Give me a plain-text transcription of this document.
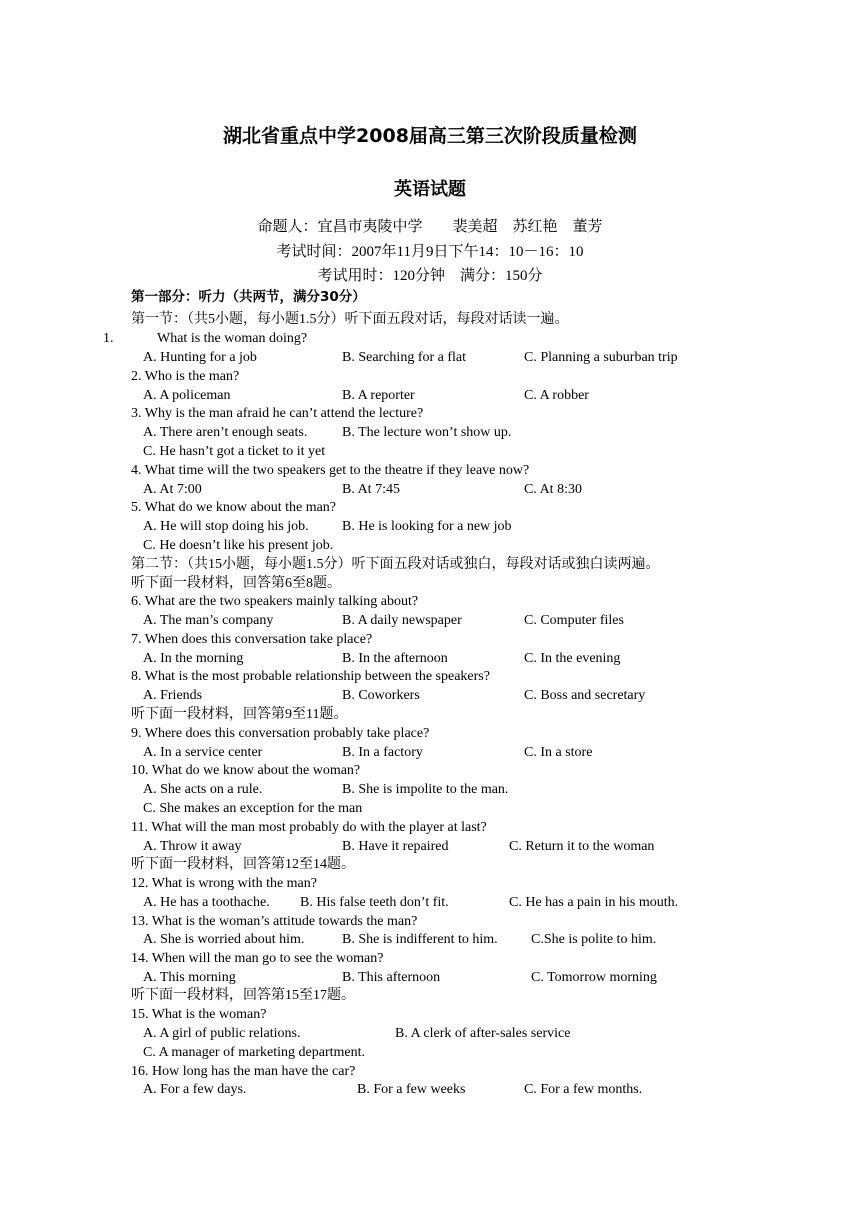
湖北省重点中学2008届高三第三次阶段质量检测
英语试题
命题人：宜昌市夷陵中学　　裴美超　苏红艳　董芳
考试时间：2007年11月9日下午14：10－16：10
考试用时：120分钟　满分：150分
第一部分：听力（共两节，满分30分）
第一节：（共5小题，每小题1.5分）听下面五段对话，每段对话读一遍。
1.	What is the woman doing?
A. Hunting for a job	B. Searching for a flat	C. Planning a suburban trip
2. Who is the man?
A. A policeman	B. A reporter	C. A robber
3. Why is the man afraid he can’t attend the lecture?
A. There aren’t enough seats. B. The lecture won’t show up.
C. He hasn’t got a ticket to it yet
4. What time will the two speakers get to the theatre if they leave now?
A. At 7:00	B. At 7:45	C. At 8:30
5. What do we know about the man?
A. He will stop doing his job. B. He is looking for a new job
C. He doesn’t like his present job.
第二节：（共15小题，每小题1.5分）听下面五段对话或独白，每段对话或独白读两遍。
听下面一段材料，回答第6至8题。
6. What are the two speakers mainly talking about?
A. The man’s company	B. A daily newspaper	C. Computer files
7. When does this conversation take place?
A. In the morning	B. In the afternoon	C. In the evening
8. What is the most probable relationship between the speakers?
A. Friends	B. Coworkers	C. Boss and secretary
听下面一段材料，回答第9至11题。
9. Where does this conversation probably take place?
A. In a service center	B. In a factory	C. In a store
10. What do we know about the woman?
A. She acts on a rule.	B. She is impolite to the man.
C. She makes an exception for the man
11. What will the man most probably do with the player at last?
A. Throw it away	B. Have it repaired	C. Return it to the woman
听下面一段材料，回答第12至14题。
12. What is wrong with the man?
A. He has a toothache. B. His false teeth don’t fit.	C. He has a pain in his mouth.
13. What is the woman’s attitude towards the man?
A. She is worried about him.	B. She is indifferent to him. C.She is polite to him.
14. When will the man go to see the woman?
A. This morning	B. This afternoon	C. Tomorrow morning
听下面一段材料，回答第15至17题。
15. What is the woman?
A. A girl of public relations.	B. A clerk of after-sales service
C. A manager of marketing department.
16. How long has the man have the car?
A. For a few days.	B. For a few weeks	C. For a few months.
